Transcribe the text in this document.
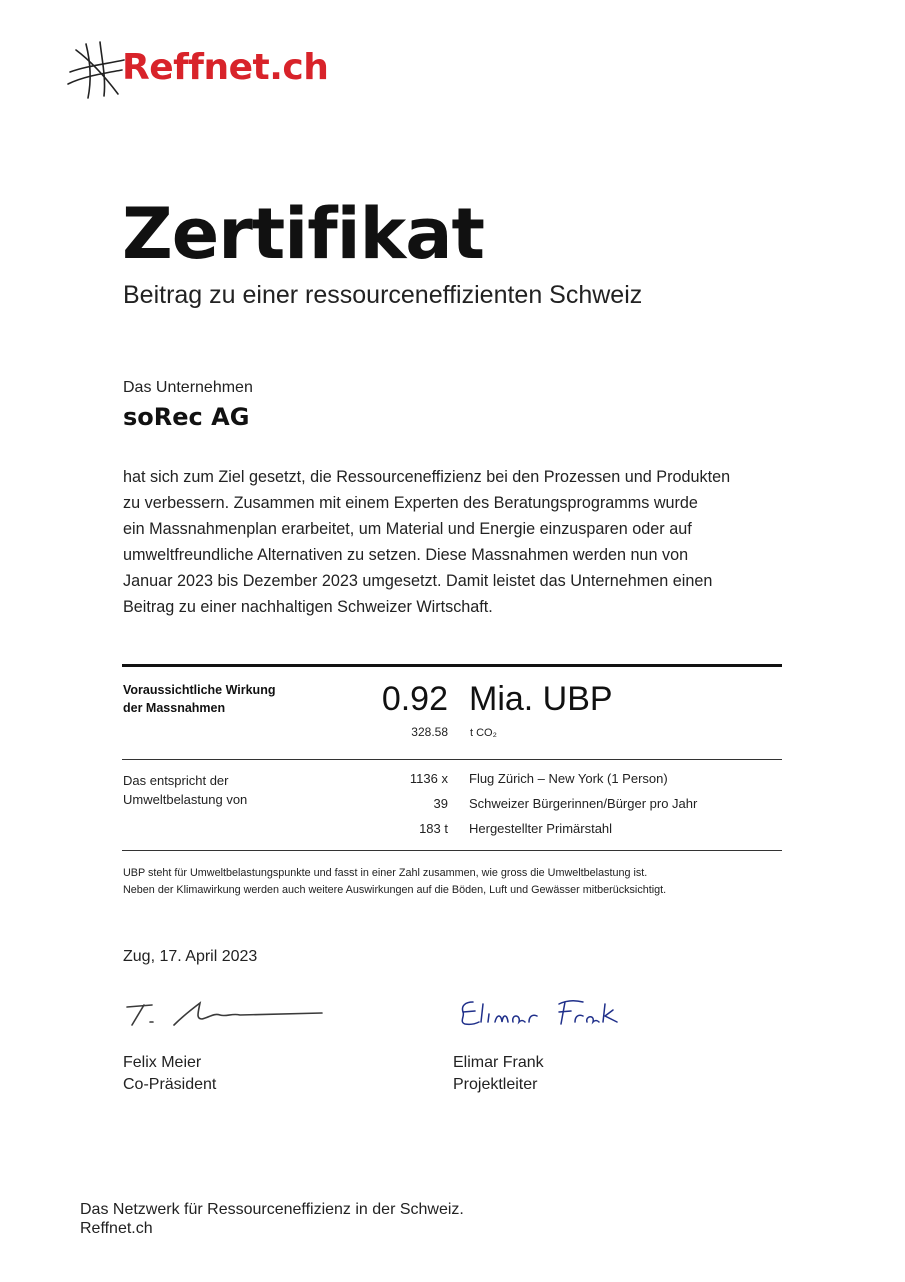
Reffnet.ch
Zertifikat
Beitrag zu einer ressourceneffizienten Schweiz
Das Unternehmen
soRec AG
hat sich zum Ziel gesetzt, die Ressourceneffizienz bei den Prozessen und Produkten
zu verbessern. Zusammen mit einem Experten des Beratungsprogramms wurde
ein Massnahmenplan erarbeitet, um Material und Energie einzusparen oder auf
umweltfreundliche Alternativen zu setzen. Diese Massnahmen werden nun von
Januar 2023 bis Dezember 2023 umgesetzt. Damit leistet das Unternehmen einen
Beitrag zu einer nachhaltigen Schweizer Wirtschaft.
Voraussichtliche Wirkung
der Massnahmen	0.92 Mia. UBP
328.58 t CO₂
Das entspricht der
Umweltbelastung von
1136 x Flug Zürich – New York (1 Person)
39 Schweizer Bürgerinnen/Bürger pro Jahr
183 t Hergestellter Primärstahl
UBP steht für Umweltbelastungspunkte und fasst in einer Zahl zusammen, wie gross die Umweltbelastung ist.
Neben der Klimawirkung werden auch weitere Auswirkungen auf die Böden, Luft und Gewässer mitberücksichtigt.
Zug, 17. April 2023
Felix Meier
Co-Präsident
Elimar Frank
Projektleiter
Das Netzwerk für Ressourceneffizienz in der Schweiz.
Reffnet.ch
